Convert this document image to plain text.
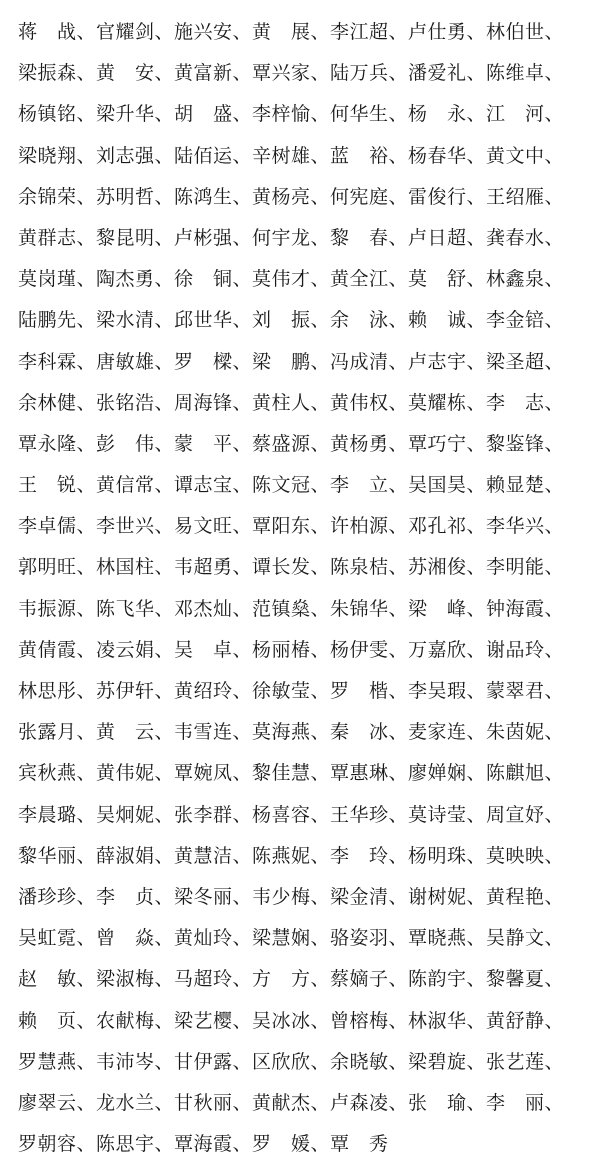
蒋　战、官耀剑、施兴安、黄　展、李江超、卢仕勇、林伯世、
梁振森、黄　安、黄富新、覃兴家、陆万兵、潘爱礼、陈维卓、
杨镇铭、梁升华、胡　盛、李梓愉、何华生、杨　永、江　河、
梁晓翔、刘志强、陆佰运、辛树雄、蓝　裕、杨春华、黄文中、
余锦荣、苏明哲、陈鸿生、黄杨亮、何宪庭、雷俊行、王绍雁、
黄群志、黎昆明、卢彬强、何宇龙、黎　春、卢日超、龚春水、
莫岗瑾、陶杰勇、徐　铜、莫伟才、黄全江、莫　舒、林鑫泉、
陆鹏先、梁水清、邱世华、刘　振、余　泳、赖　诚、李金锫、
李科霖、唐敏雄、罗　樑、梁　鹏、冯成清、卢志宇、梁圣超、
余林健、张铭浩、周海锋、黄柱人、黄伟权、莫耀栋、李　志、
覃永隆、彭　伟、蒙　平、蔡盛源、黄杨勇、覃巧宁、黎鉴锋、
王　锐、黄信常、谭志宝、陈文冠、李　立、吴国昊、赖显楚、
李卓儒、李世兴、易文旺、覃阳东、许柏源、邓孔祁、李华兴、
郭明旺、林国柱、韦超勇、谭长发、陈泉桔、苏湘俊、李明能、
韦振源、陈飞华、邓杰灿、范镇燊、朱锦华、梁　峰、钟海霞、
黄倩霞、凌云娟、吴　卓、杨丽椿、杨伊雯、万嘉欣、谢品玲、
林思彤、苏伊轩、黄绍玲、徐敏莹、罗　楷、李吴瑕、蒙翠君、
张露月、黄　云、韦雪连、莫海燕、秦　冰、麦家连、朱茵妮、
宾秋燕、黄伟妮、覃婉凤、黎佳慧、覃惠琳、廖婵娴、陈麒旭、
李晨璐、吴炯妮、张李群、杨喜容、王华珍、莫诗莹、周宣妤、
黎华丽、薛淑娟、黄慧洁、陈燕妮、李　玲、杨明珠、莫映映、
潘珍珍、李　贞、梁冬丽、韦少梅、梁金清、谢树妮、黄程艳、
吴虹霓、曾　焱、黄灿玲、梁慧娴、骆姿羽、覃晓燕、吴静文、
赵　敏、梁淑梅、马超玲、方　方、蔡嫡子、陈韵宇、黎馨夏、
赖　页、农献梅、梁艺樱、吴冰冰、曾榕梅、林淑华、黄舒静、
罗慧燕、韦沛岑、甘伊露、区欣欣、余晓敏、梁碧旋、张艺莲、
廖翠云、龙水兰、甘秋丽、黄献杰、卢森凌、张　瑜、李　丽、
罗朝容、陈思宇、覃海霞、罗　媛、覃　秀
